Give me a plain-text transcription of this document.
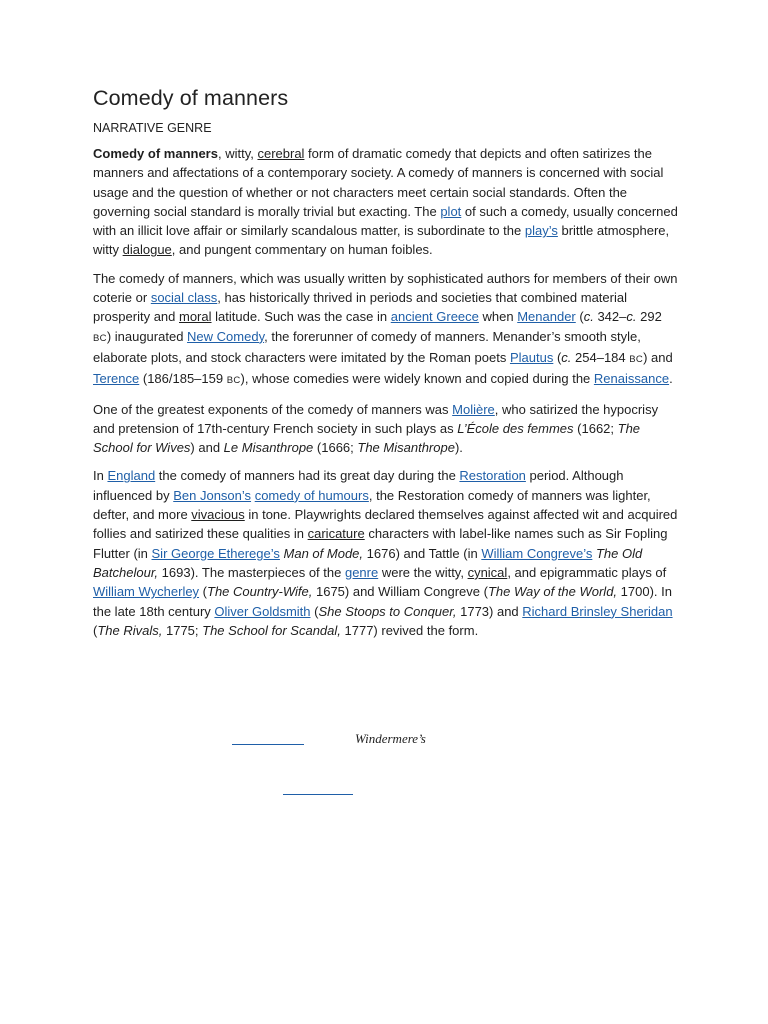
Comedy of manners
NARRATIVE GENRE

Comedy of manners, witty, cerebral form of dramatic comedy that depicts and often satirizes the manners and affectations of a contemporary society. A comedy of manners is concerned with social usage and the question of whether or not characters meet certain social standards. Often the governing social standard is morally trivial but exacting. The plot of such a comedy, usually concerned with an illicit love affair or similarly scandalous matter, is subordinate to the play’s brittle atmosphere, witty dialogue, and pungent commentary on human foibles.

The comedy of manners, which was usually written by sophisticated authors for members of their own coterie or social class, has historically thrived in periods and societies that combined material prosperity and moral latitude. Such was the case in ancient Greece when Menander (c. 342–c. 292 BC) inaugurated New Comedy, the forerunner of comedy of manners. Menander’s smooth style, elaborate plots, and stock characters were imitated by the Roman poets Plautus (c. 254–184 BC) and Terence (186/185–159 BC), whose comedies were widely known and copied during the Renaissance.

One of the greatest exponents of the comedy of manners was Molière, who satirized the hypocrisy and pretension of 17th-century French society in such plays as L’École des femmes (1662; The School for Wives) and Le Misanthrope (1666; The Misanthrope).

In England the comedy of manners had its great day during the Restoration period. Although influenced by Ben Jonson’s comedy of humours, the Restoration comedy of manners was lighter, defter, and more vivacious in tone. Playwrights declared themselves against affected wit and acquired follies and satirized these qualities in caricature characters with label-like names such as Sir Fopling Flutter (in Sir George Etherege’s Man of Mode, 1676) and Tattle (in William Congreve’s The Old Batchelour, 1693). The masterpieces of the genre were the witty, cynical, and epigrammatic plays of William Wycherley (The Country-Wife, 1675) and William Congreve (The Way of the World, 1700). In the late 18th century Oliver Goldsmith (She Stoops to Conquer, 1773) and Richard Brinsley Sheridan (The Rivals, 1775; The School for Scandal, 1777) revived the form.

Windermere’s
